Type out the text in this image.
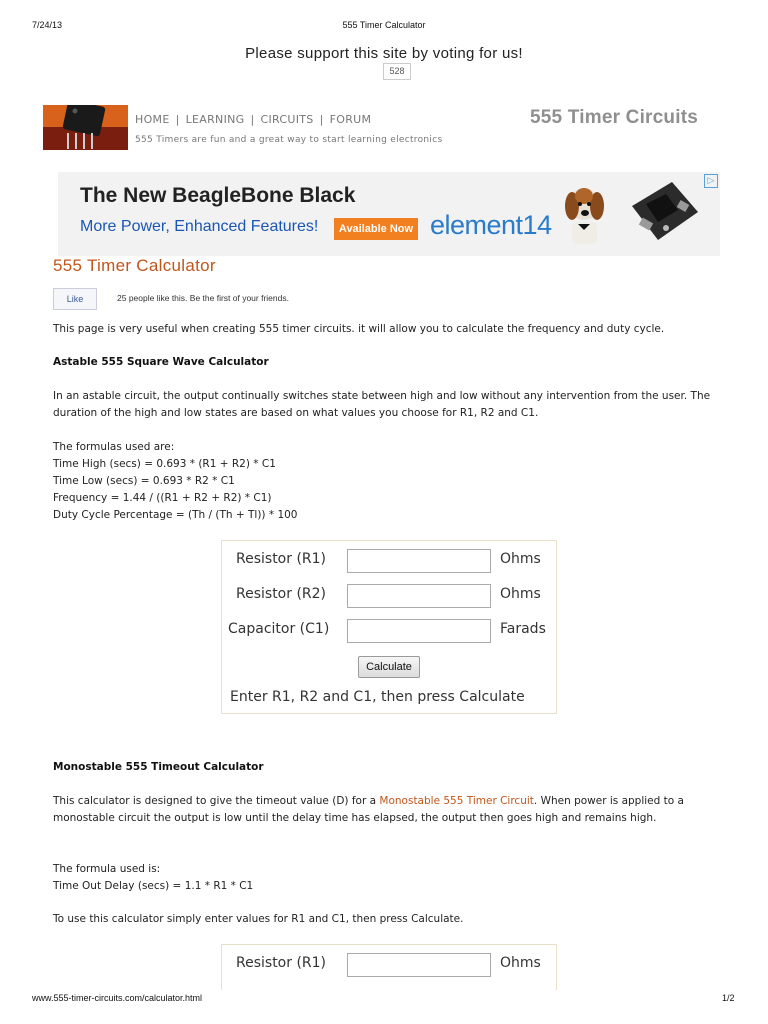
7/24/13	555 Timer Calculator
Please support this site by voting for us!
528
HOME | LEARNING | CIRCUITS | FORUM
555 Timers are fun and a great way to start learning electronics
555 Timer Circuits
The New BeagleBone Black
More Power, Enhanced Features!	Available Now element14
▷
555 Timer Calculator
Like	25 people like this. Be the first of your friends.
This page is very useful when creating 555 timer circuits. it will allow you to calculate the frequency and duty cycle.
Astable 555 Square Wave Calculator
In an astable circuit, the output continually switches state between high and low without any intervention from the user. The duration of the high and low states are based on what values you choose for R1, R2 and C1.
The formulas used are:
Time High (secs) = 0.693 * (R1 + R2) * C1
Time Low (secs) = 0.693 * R2 * C1
Frequency = 1.44 / ((R1 + R2 + R2) * C1)
Duty Cycle Percentage = (Th / (Th + Tl)) * 100
Resistor (R1)	Ohms
Resistor (R2)	Ohms
Capacitor (C1)	Farads
Calculate
Enter R1, R2 and C1, then press Calculate
Monostable 555 Timeout Calculator
This calculator is designed to give the timeout value (D) for a Monostable 555 Timer Circuit. When power is applied to a monostable circuit the output is low until the delay time has elapsed, the output then goes high and remains high.
The formula used is:
Time Out Delay (secs) = 1.1 * R1 * C1
To use this calculator simply enter values for R1 and C1, then press Calculate.
Resistor (R1)	Ohms
www.555-timer-circuits.com/calculator.html	1/2
